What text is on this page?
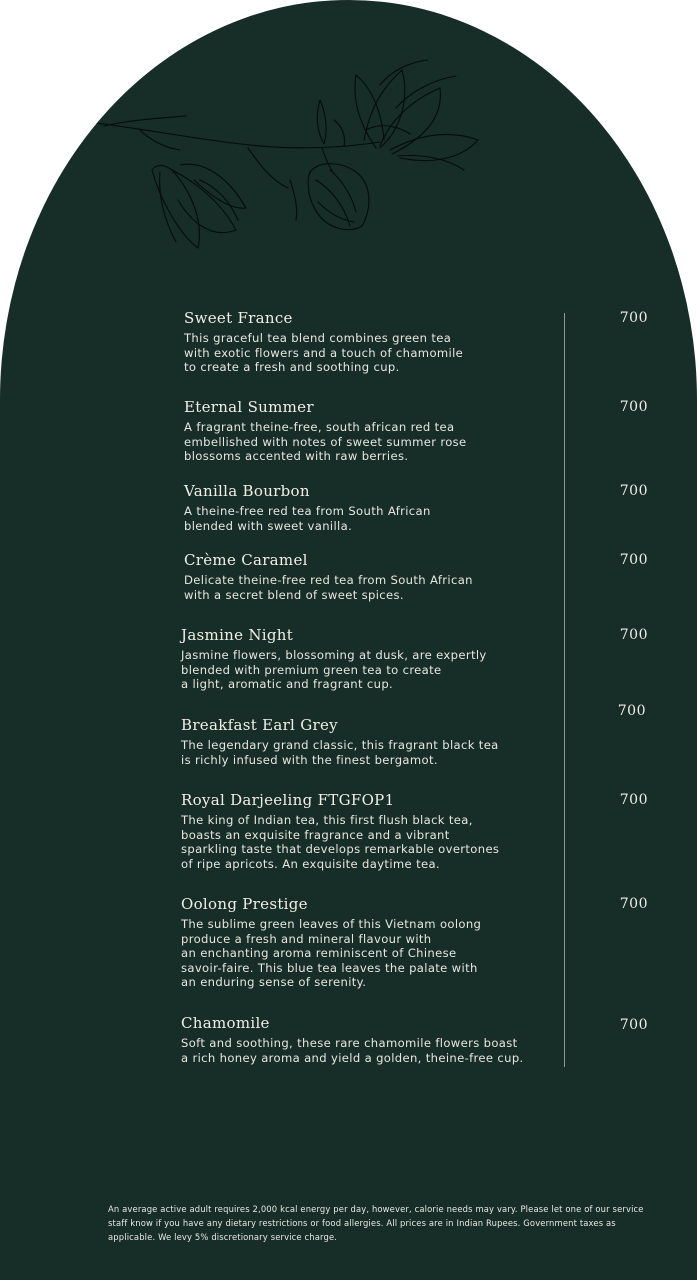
Sweet France
This graceful tea blend combines green tea
with exotic flowers and a touch of chamomile
to create a fresh and soothing cup.
700
Eternal Summer
A fragrant theine-free, south african red tea
embellished with notes of sweet summer rose
blossoms accented with raw berries.
700
Vanilla Bourbon
A theine-free red tea from South African
blended with sweet vanilla.
700
Crème Caramel
Delicate theine-free red tea from South African
with a secret blend of sweet spices.
700
Jasmine Night
Jasmine flowers, blossoming at dusk, are expertly
blended with premium green tea to create
a light, aromatic and fragrant cup.
700
Breakfast Earl Grey
The legendary grand classic, this fragrant black tea
is richly infused with the finest bergamot.
700
Royal Darjeeling FTGFOP1
The king of Indian tea, this first flush black tea,
boasts an exquisite fragrance and a vibrant
sparkling taste that develops remarkable overtones
of ripe apricots. An exquisite daytime tea.
700
Oolong Prestige
The sublime green leaves of this Vietnam oolong
produce a fresh and mineral flavour with
an enchanting aroma reminiscent of Chinese
savoir-faire. This blue tea leaves the palate with
an enduring sense of serenity.
700
Chamomile
Soft and soothing, these rare chamomile flowers boast
a rich honey aroma and yield a golden, theine-free cup.
700
An average active adult requires 2,000 kcal energy per day, however, calorie needs may vary. Please let one of our service staff know if you have any dietary restrictions or food allergies. All prices are in Indian Rupees. Government taxes as applicable. We levy 5% discretionary service charge.
